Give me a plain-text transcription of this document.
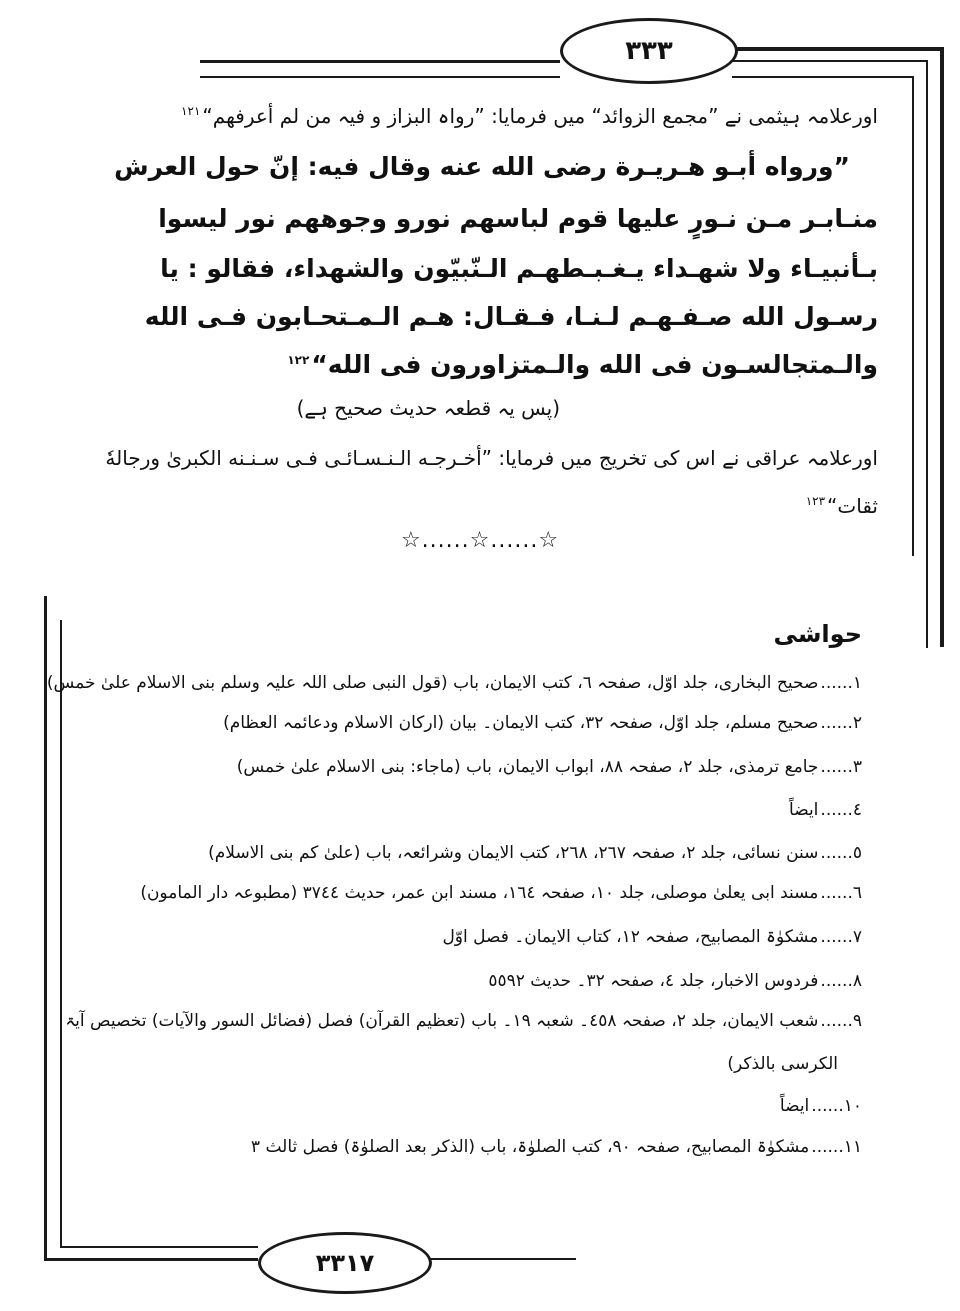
٣٣٣
٣٣١٧
اورعلامہ ہیثمی نے ”مجمع الزوائد“ میں فرمایا: ”رواہ البزاز و فیہ من لم أعرفھم“$^{١٢١}$
”ورواه أبـو هـريـرة رضى الله عنه وقال فيه: إنّ حول العرش
منـابـر مـن نـورٍ عليها قوم لباسهم نورو وجوههم نور ليسوا
بـأنبيـاء ولا شهـداء يـغـبـطهـم الـنّبيّون والشهداء، فقالو : يا
رسـول الله صـفـهـم لـنـا، فـقـال: هـم الـمـتحـابون فـى الله
والـمتجالسـون فى الله والـمتزاورون فى الله“$^{١٢٢}$
(پس یہ قطعہ حدیث صحیح ہے)
اورعلامہ عراقی نے اس کی تخریج میں فرمایا: ”أخـرجـه الـنـسـائـى فـى سـنـنه الكبرىٰ ورجالهٗ
ثقات“$^{١٢٣}$
☆......☆......☆
حواشی
١......صحیح البخاری، جلد اوّل، صفحہ ٦، کتب الایمان، باب (قول النبی صلی اللہ علیہ وسلم بنی الاسلام علیٰ خمس)
٢......صحیح مسلم، جلد اوّل، صفحہ ٣٢، کتب الایمان۔ بیان (ارکان الاسلام ودعائمہ العظام)
٣......جامع ترمذی، جلد ٢، صفحہ ٨٨، ابواب الایمان، باب (ماجاء: بنی الاسلام علیٰ خمس)
٤......ایضاً
٥......سنن نسائی، جلد ٢، صفحہ ٢٦٧، ٢٦٨، کتب الایمان وشرائعہ، باب (علیٰ کم بنی الاسلام)
٦......مسند ابی یعلیٰ موصلی، جلد ١٠، صفحہ ١٦٤، مسند ابن عمر، حدیث ٣٧٤٤ (مطبوعہ دار المامون)
٧......مشکوٰۃ المصابیح، صفحہ ١٢، کتاب الایمان۔ فصل اوّل
٨......فردوس الاخبار، جلد ٤، صفحہ ٣٢۔ حدیث ٥٥٩٢
٩......شعب الایمان، جلد ٢، صفحہ ٤٥٨۔ شعبہ ١٩۔ باب (تعظیم القرآن) فصل (فضائل السور والآیات) تخصیص آیۃ
الکرسی بالذکر)
١٠......ایضاً
١١......مشکوٰۃ المصابیح، صفحہ ٩٠، کتب الصلوٰۃ، باب (الذکر بعد الصلوٰۃ) فصل ثالث ٣
